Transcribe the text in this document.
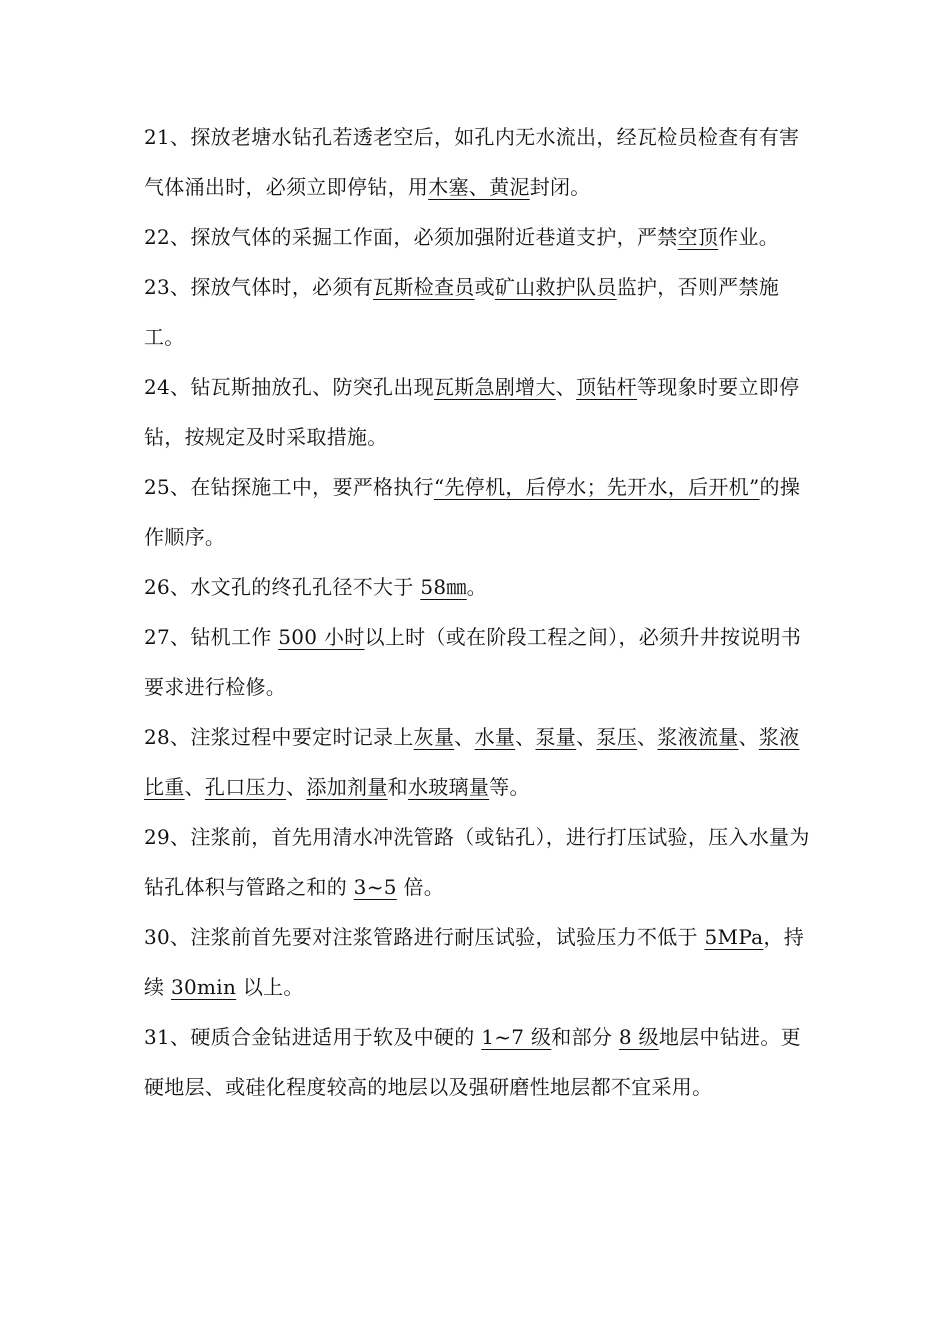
21、探放老塘水钻孔若透老空后，如孔内无水流出，经瓦检员检查有有害气体涌出时，必须立即停钻，用木塞、黄泥封闭。

22、探放气体的采掘工作面，必须加强附近巷道支护，严禁空顶作业。

23、探放气体时，必须有瓦斯检查员或矿山救护队员监护，否则严禁施工。

24、钻瓦斯抽放孔、防突孔出现瓦斯急剧增大、顶钻杆等现象时要立即停钻，按规定及时采取措施。

25、在钻探施工中，要严格执行“先停机，后停水；先开水，后开机”的操作顺序。

26、水文孔的终孔孔径不大于 58㎜。

27、钻机工作 500 小时以上时（或在阶段工程之间），必须升井按说明书要求进行检修。

28、注浆过程中要定时记录上灰量、水量、泵量、泵压、浆液流量、浆液比重、孔口压力、添加剂量和水玻璃量等。

29、注浆前，首先用清水冲洗管路（或钻孔），进行打压试验，压入水量为钻孔体积与管路之和的 3~5 倍。

30、注浆前首先要对注浆管路进行耐压试验，试验压力不低于 5MPa，持续 30min 以上。

31、硬质合金钻进适用于软及中硬的 1~7 级和部分 8 级地层中钻进。更硬地层、或硅化程度较高的地层以及强研磨性地层都不宜采用。
